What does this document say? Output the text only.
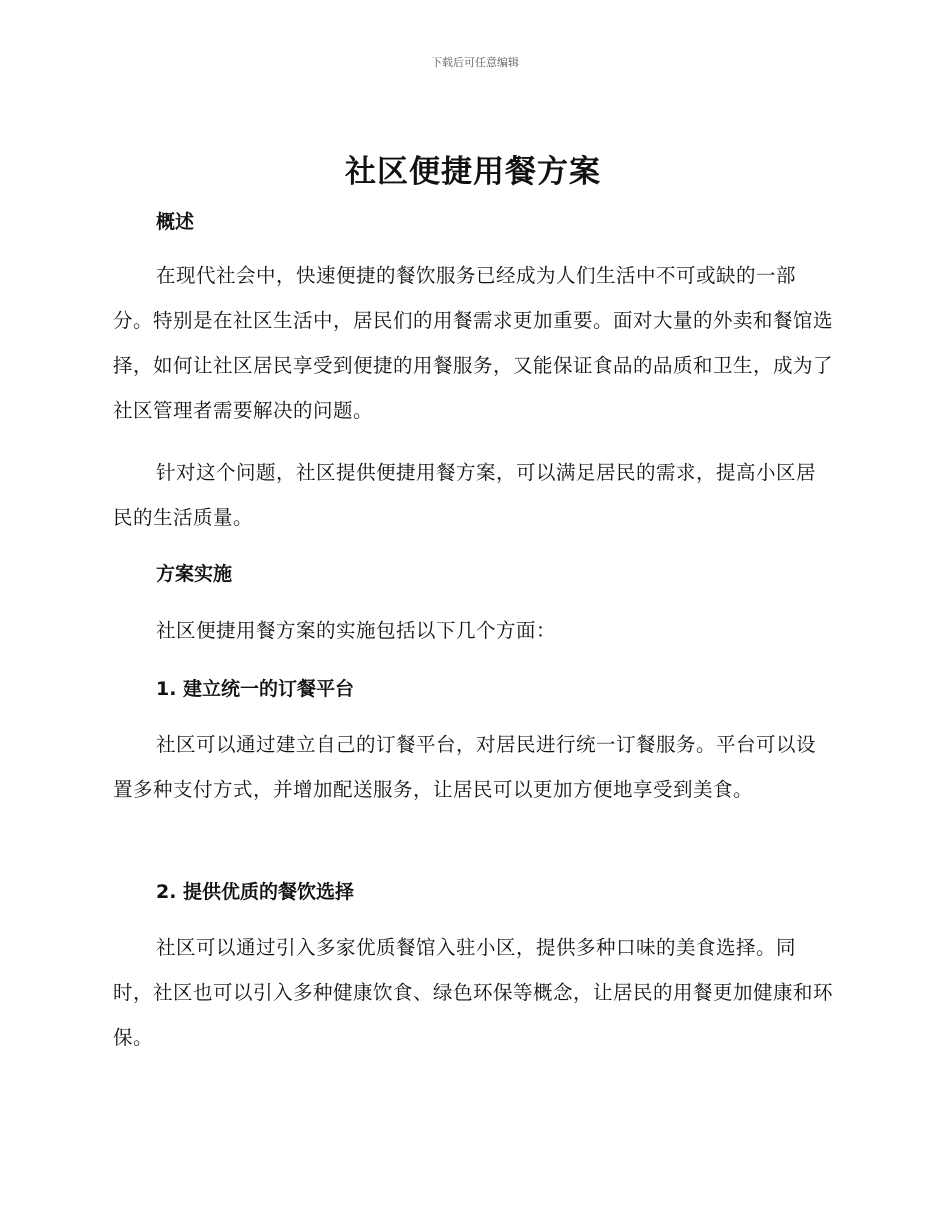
下载后可任意编辑
社区便捷用餐方案
概述

在现代社会中，快速便捷的餐饮服务已经成为人们生活中不可或缺的一部分。特别是在社区生活中，居民们的用餐需求更加重要。面对大量的外卖和餐馆选择，如何让社区居民享受到便捷的用餐服务，又能保证食品的品质和卫生，成为了社区管理者需要解决的问题。

针对这个问题，社区提供便捷用餐方案，可以满足居民的需求，提高小区居民的生活质量。

方案实施

社区便捷用餐方案的实施包括以下几个方面：

1. 建立统一的订餐平台

社区可以通过建立自己的订餐平台，对居民进行统一订餐服务。平台可以设置多种支付方式，并增加配送服务，让居民可以更加方便地享受到美食。

2. 提供优质的餐饮选择

社区可以通过引入多家优质餐馆入驻小区，提供多种口味的美食选择。同时，社区也可以引入多种健康饮食、绿色环保等概念，让居民的用餐更加健康和环保。
